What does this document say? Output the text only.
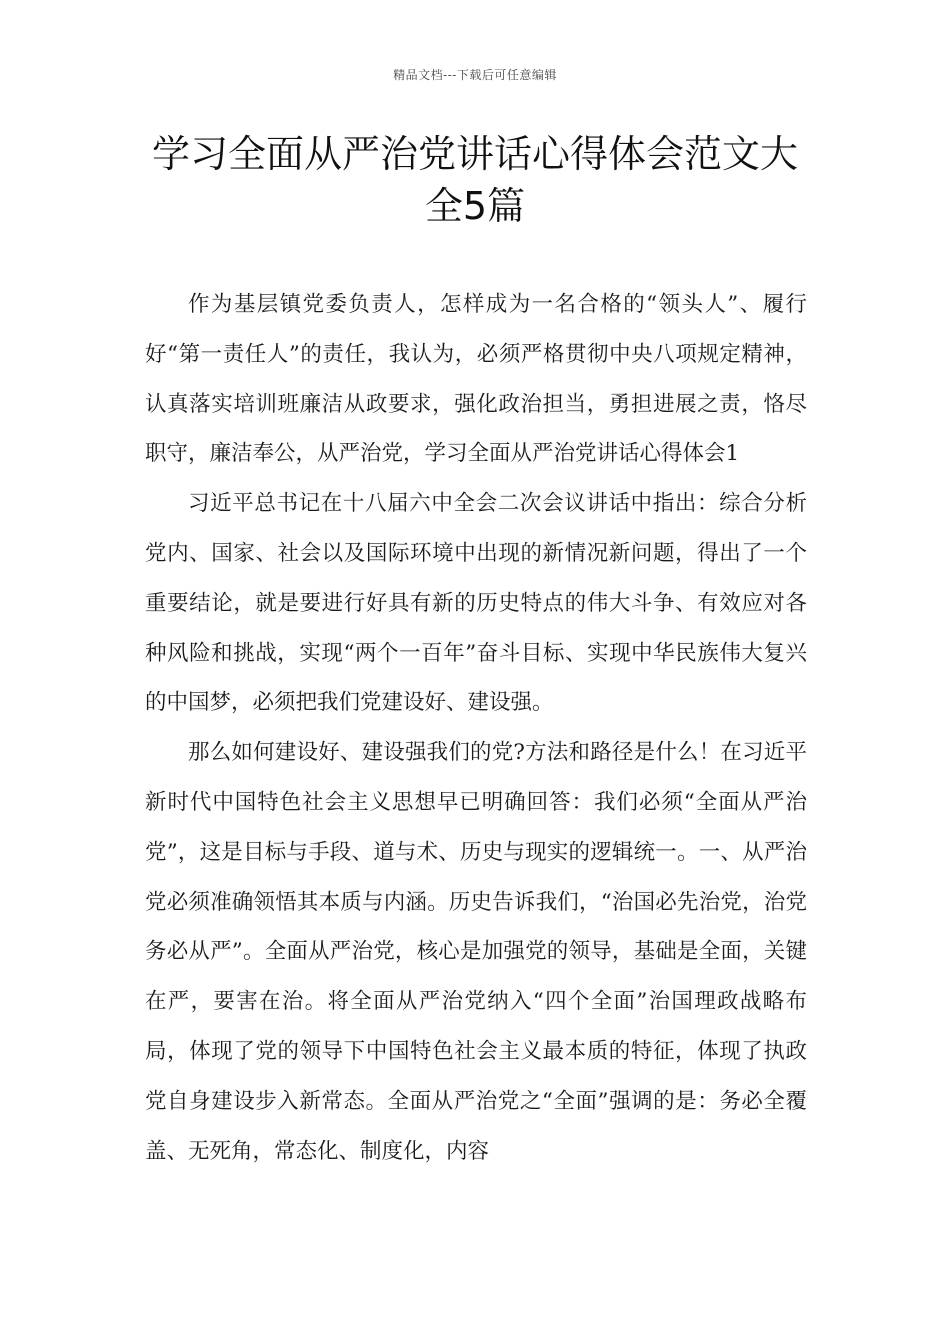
精品文档---下载后可任意编辑
学习全面从严治党讲话心得体会范文大
全5篇

作为基层镇党委负责人，怎样成为一名合格的“领头人”、履行好“第一责任人”的责任，我认为，必须严格贯彻中央八项规定精神，认真落实培训班廉洁从政要求，强化政治担当，勇担进展之责，恪尽职守，廉洁奉公，从严治党，学习全面从严治党讲话心得体会1

习近平总书记在十八届六中全会二次会议讲话中指出：综合分析党内、国家、社会以及国际环境中出现的新情况新问题，得出了一个重要结论，就是要进行好具有新的历史特点的伟大斗争、有效应对各种风险和挑战，实现“两个一百年”奋斗目标、实现中华民族伟大复兴的中国梦，必须把我们党建设好、建设强。

那么如何建设好、建设强我们的党?方法和路径是什么！在习近平新时代中国特色社会主义思想早已明确回答：我们必须“全面从严治党”，这是目标与手段、道与术、历史与现实的逻辑统一。一、从严治党必须准确领悟其本质与内涵。历史告诉我们，“治国必先治党，治党务必从严”。全面从严治党，核心是加强党的领导，基础是全面，关键在严，要害在治。将全面从严治党纳入“四个全面”治国理政战略布局，体现了党的领导下中国特色社会主义最本质的特征，体现了执政党自身建设步入新常态。全面从严治党之“全面”强调的是：务必全覆盖、无死角，常态化、制度化，内容
